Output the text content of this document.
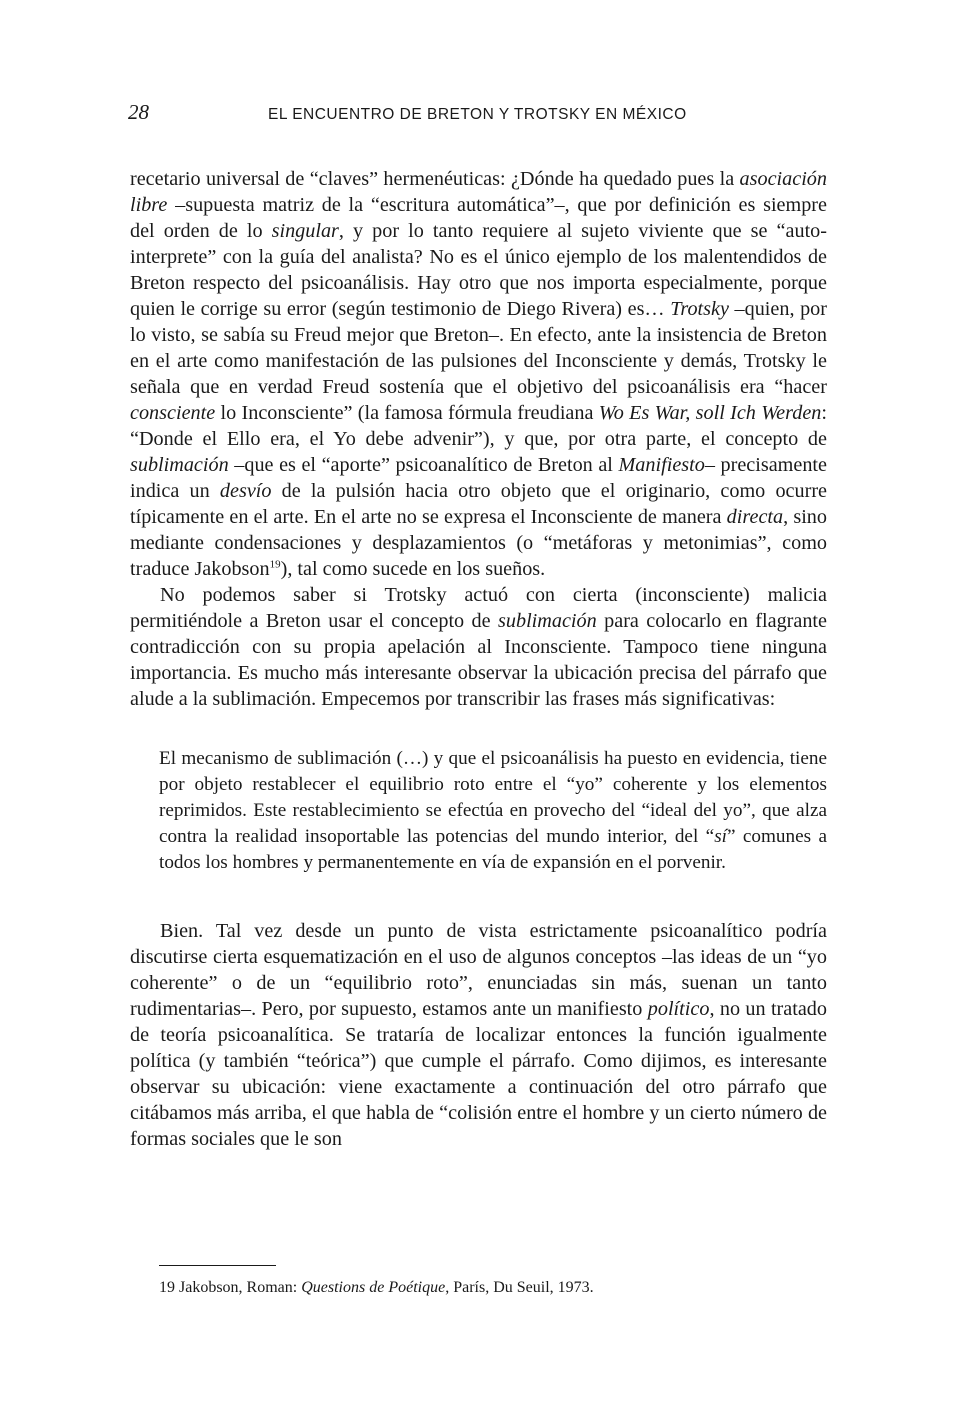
28	EL ENCUENTRO DE BRETON Y TROTSKY EN MÉXICO

recetario universal de “claves” hermenéuticas: ¿Dónde ha quedado pues la asociación libre –supuesta matriz de la “escritura automática”–, que por definición es siempre del orden de lo singular, y por lo tanto requiere al sujeto viviente que se “auto-interprete” con la guía del analista? No es el único ejemplo de los malentendidos de Breton respecto del psicoanálisis. Hay otro que nos importa especialmente, porque quien le corrige su error (según testimonio de Diego Rivera) es… Trotsky –quien, por lo visto, se sabía su Freud mejor que Breton–. En efecto, ante la insistencia de Breton en el arte como manifestación de las pulsiones del Inconsciente y demás, Trotsky le señala que en verdad Freud sostenía que el objetivo del psicoanálisis era “hacer consciente lo Inconsciente” (la famosa fórmula freudiana Wo Es War, soll Ich Werden: “Donde el Ello era, el Yo debe advenir”), y que, por otra parte, el concepto de sublimación –que es el “aporte” psicoanalítico de Breton al Manifiesto– precisamente indica un desvío de la pulsión hacia otro objeto que el originario, como ocurre típicamente en el arte. En el arte no se expresa el Inconsciente de manera directa, sino mediante condensaciones y desplazamientos (o “metáforas y metonimias”, como traduce Jakobson$^{19}$), tal como sucede en los sueños.

No podemos saber si Trotsky actuó con cierta (inconsciente) malicia permitiéndole a Breton usar el concepto de sublimación para colocarlo en flagrante contradicción con su propia apelación al Inconsciente. Tampoco tiene ninguna importancia. Es mucho más interesante observar la ubicación precisa del párrafo que alude a la sublimación. Empecemos por transcribir las frases más significativas:

El mecanismo de sublimación (…) y que el psicoanálisis ha puesto en evidencia, tiene por objeto restablecer el equilibrio roto entre el “yo” coherente y los elementos reprimidos. Este restablecimiento se efectúa en provecho del “ideal del yo”, que alza contra la realidad insoportable las potencias del mundo interior, del “sí” comunes a todos los hombres y permanentemente en vía de expansión en el porvenir.

Bien. Tal vez desde un punto de vista estrictamente psicoanalítico podría discutirse cierta esquematización en el uso de algunos conceptos –las ideas de un “yo coherente” o de un “equilibrio roto”, enunciadas sin más, suenan un tanto rudimentarias–. Pero, por supuesto, estamos ante un manifiesto político, no un tratado de teoría psicoanalítica. Se trataría de localizar entonces la función igualmente política (y también “teórica”) que cumple el párrafo. Como dijimos, es interesante observar su ubicación: viene exactamente a continuación del otro párrafo que citábamos más arriba, el que habla de “colisión entre el hombre y un cierto número de formas sociales que le son

19 Jakobson, Roman: Questions de Poétique, París, Du Seuil, 1973.
